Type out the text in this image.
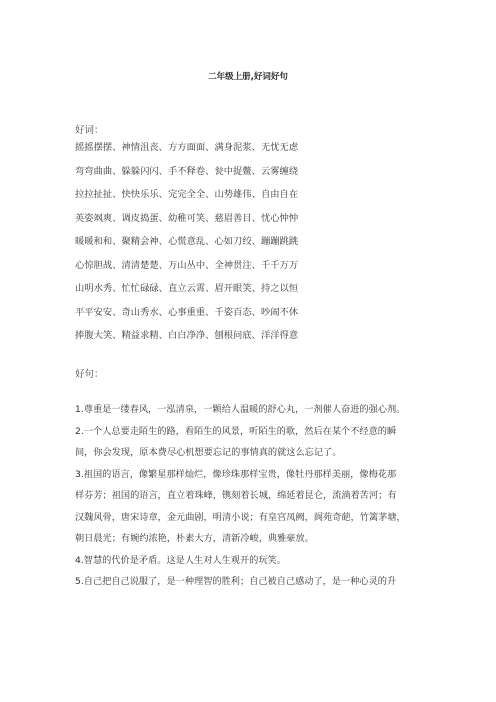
二年级上册,好词好句
好词：
摇摇摆摆、神情沮丧、方方面面、满身泥浆、无忧无虑
弯弯曲曲、躲躲闪闪、手不释卷、瓮中捉鳖、云雾缠绕
拉拉扯扯、快快乐乐、完完全全、山势雄伟、自由自在
英姿飒爽、调皮捣蛋、幼稚可笑、慈眉善目、忧心忡忡
暖暖和和、聚精会神、心慌意乱、心如刀绞、蹦蹦跳跳
心惊胆战、清清楚楚、万山丛中、全神贯注、千千万万
山明水秀、忙忙碌碌、直立云霄、眉开眼笑、持之以恒
平平安安、奇山秀水、心事重重、千姿百态、吵闹不休
捧腹大笑、精益求精、白白净净、刨根问底、洋洋得意
好句：
1.尊重是一缕春风，一泓清泉，一颗给人温暖的舒心丸，一剂催人奋进的强心剂。
2.一个人总要走陌生的路，看陌生的风景，听陌生的歌，然后在某个不经意的瞬
间，你会发现，原本费尽心机想要忘记的事情真的就这么忘记了。
3.祖国的语言，像繁星那样灿烂，像珍珠那样宝贵，像牡丹那样美丽，像梅花那
样芬芳；祖国的语言，直立着珠峰，镌刻着长城，绵延着昆仑，流淌着苦河；有
汉魏风骨，唐宋诗章，金元曲剧，明清小说；有皇宫凤阙，阆苑奇葩，竹篱茅塘，
朝日晨光；有婉约浓艳，朴素大方，清新冷峻，典雅豪放。
4.智慧的代价是矛盾。这是人生对人生观开的玩笑。
5.自己把自己说服了，是一种理智的胜利；自己被自己感动了，是一种心灵的升
